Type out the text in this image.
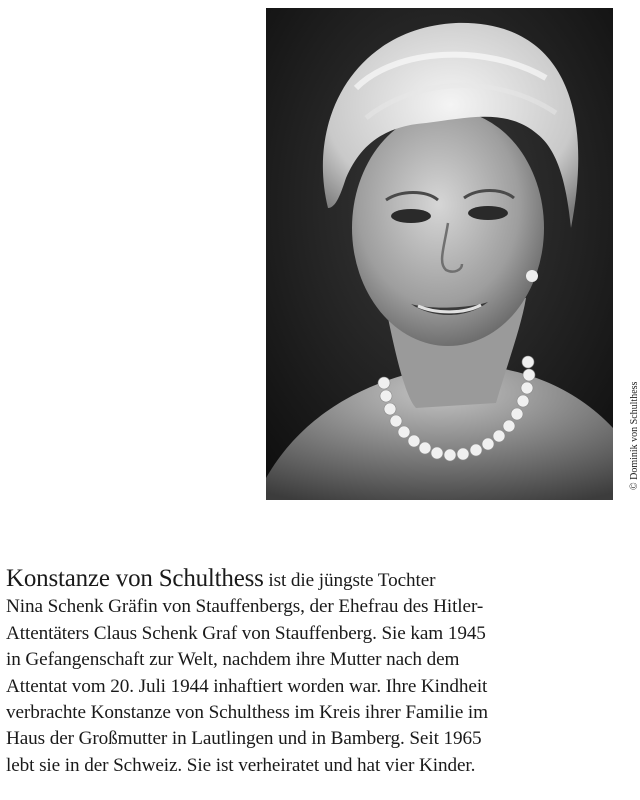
© Dominik von Schulthess
Konstanze von Schulthess ist die jüngste Tochter
Nina Schenk Gräfin von Stauffenbergs, der Ehefrau des Hitler-
Attentäters Claus Schenk Graf von Stauffenberg. Sie kam 1945
in Gefangenschaft zur Welt, nachdem ihre Mutter nach dem
Attentat vom 20. Juli 1944 inhaftiert worden war. Ihre Kindheit
verbrachte Konstanze von Schulthess im Kreis ihrer Familie im
Haus der Großmutter in Lautlingen und in Bamberg. Seit 1965
lebt sie in der Schweiz. Sie ist verheiratet und hat vier Kinder.
